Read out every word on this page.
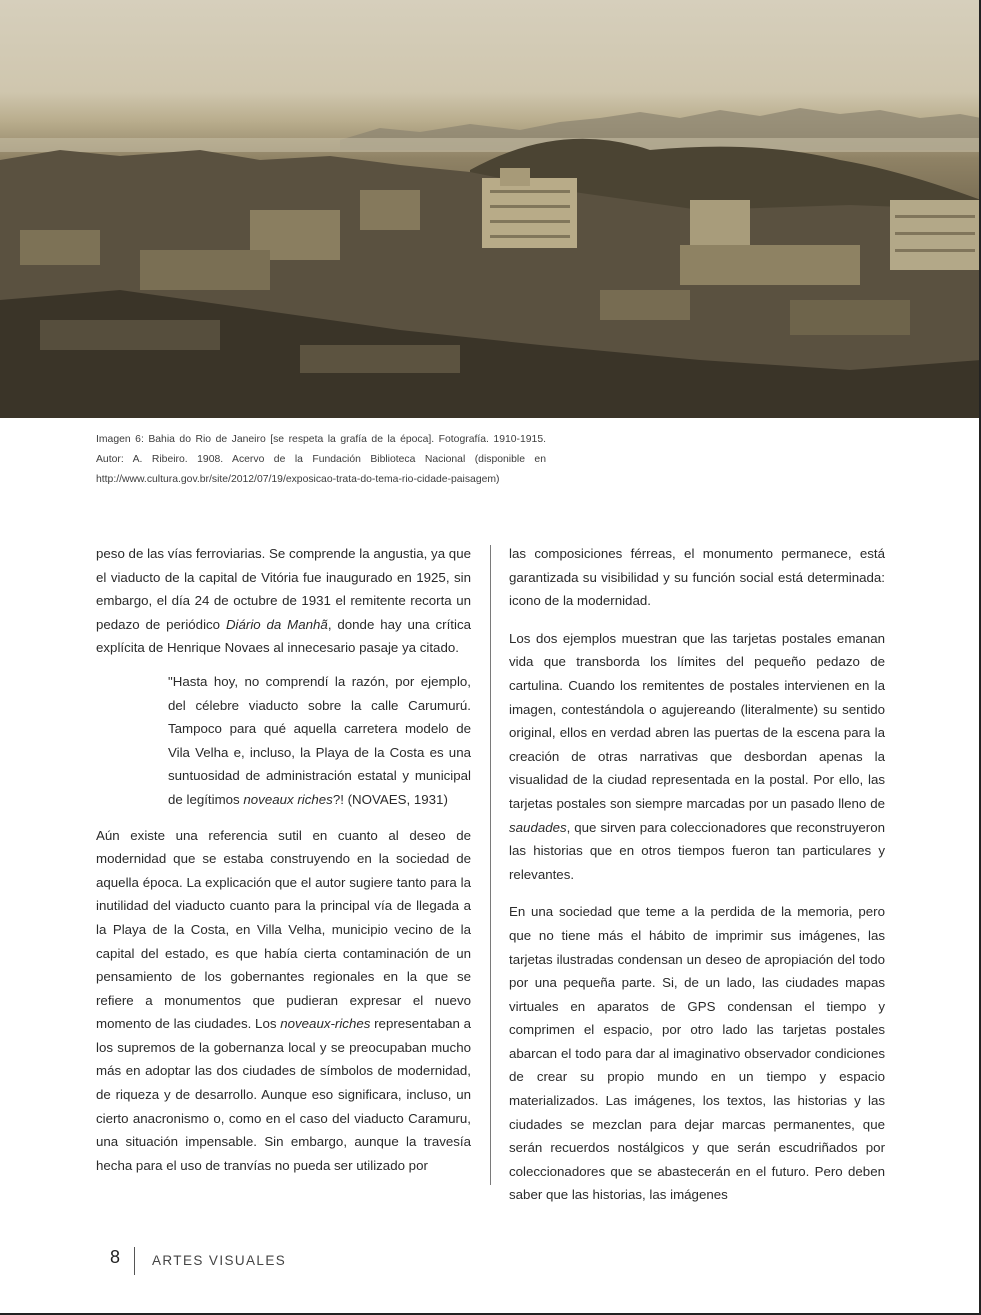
Imagen 6: Bahia do Rio de Janeiro [se respeta la grafía de la época]. Fotografía. 1910-1915. Autor: A. Ribeiro. 1908. Acervo de la Fundación Biblioteca Nacional (disponible en http://www.cultura.gov.br/site/2012/07/19/exposicao-trata-do-tema-rio-cidade-paisagem)

peso de las vías ferroviarias. Se comprende la angustia, ya que el viaducto de la capital de Vitória fue inaugurado en 1925, sin embargo, el día 24 de octubre de 1931 el remitente recorta un pedazo de periódico Diário da Manhã, donde hay una crítica explícita de Henrique Novaes al innecesario pasaje ya citado.

"Hasta hoy, no comprendí la razón, por ejemplo, del célebre viaducto sobre la calle Carumurú. Tampoco para qué aquella carretera modelo de Vila Velha e, incluso, la Playa de la Costa es una suntuosidad de administración estatal y municipal de legítimos noveaux riches?! (NOVAES, 1931)

Aún existe una referencia sutil en cuanto al deseo de modernidad que se estaba construyendo en la sociedad de aquella época. La explicación que el autor sugiere tanto para la inutilidad del viaducto cuanto para la principal vía de llegada a la Playa de la Costa, en Villa Velha, municipio vecino de la capital del estado, es que había cierta contaminación de un pensamiento de los gobernantes regionales en la que se refiere a monumentos que pudieran expresar el nuevo momento de las ciudades. Los noveaux-riches representaban a los supremos de la gobernanza local y se preocupaban mucho más en adoptar las dos ciudades de símbolos de modernidad, de riqueza y de desarrollo. Aunque eso significara, incluso, un cierto anacronismo o, como en el caso del viaducto Caramuru, una situación impensable. Sin embargo, aunque la travesía hecha para el uso de tranvías no pueda ser utilizado por

las composiciones férreas, el monumento permanece, está garantizada su visibilidad y su función social está determinada: icono de la modernidad.

Los dos ejemplos muestran que las tarjetas postales emanan vida que transborda los límites del pequeño pedazo de cartulina. Cuando los remitentes de postales intervienen en la imagen, contestándola o agujereando (literalmente) su sentido original, ellos en verdad abren las puertas de la escena para la creación de otras narrativas que desbordan apenas la visualidad de la ciudad representada en la postal. Por ello, las tarjetas postales son siempre marcadas por un pasado lleno de saudades, que sirven para coleccionadores que reconstruyeron las historias que en otros tiempos fueron tan particulares y relevantes.

En una sociedad que teme a la perdida de la memoria, pero que no tiene más el hábito de imprimir sus imágenes, las tarjetas ilustradas condensan un deseo de apropiación del todo por una pequeña parte. Si, de un lado, las ciudades mapas virtuales en aparatos de GPS condensan el tiempo y comprimen el espacio, por otro lado las tarjetas postales abarcan el todo para dar al imaginativo observador condiciones de crear su propio mundo en un tiempo y espacio materializados. Las imágenes, los textos, las historias y las ciudades se mezclan para dejar marcas permanentes, que serán recuerdos nostálgicos y que serán escudriñados por coleccionadores que se abastecerán en el futuro. Pero deben saber que las historias, las imágenes

8 ARTES VISUALES
